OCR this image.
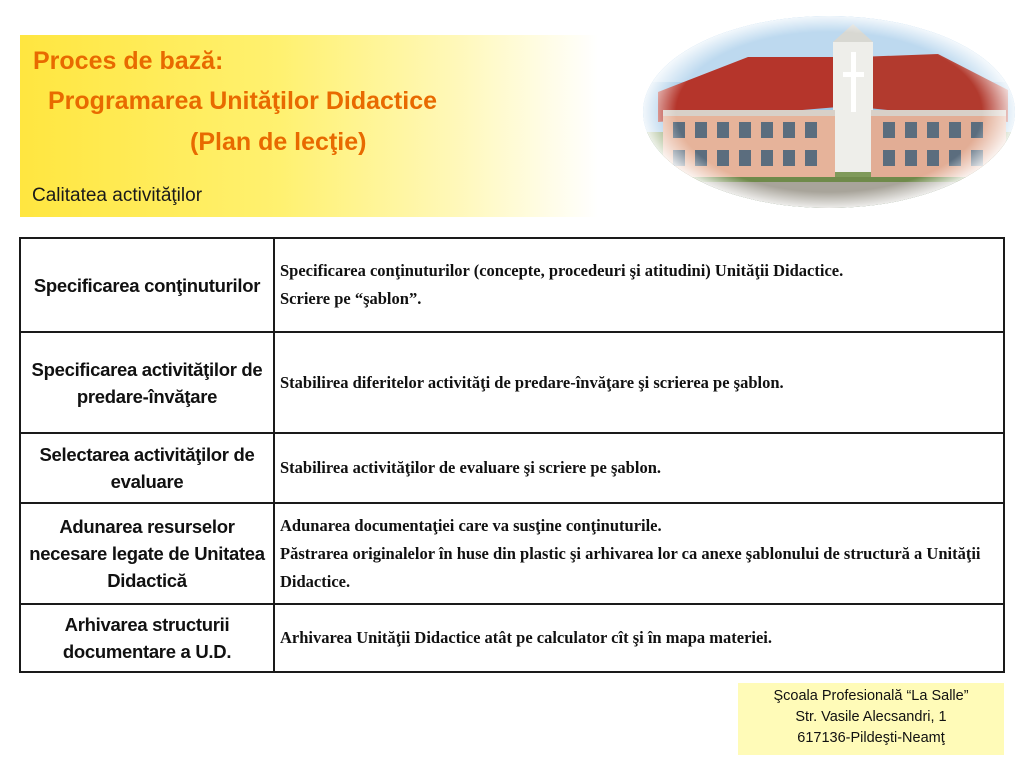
Proces de bază:
Programarea Unităţilor Didactice
(Plan de lecţie)
Calitatea activităţilor
Specificarea conţinuturilor	Specificarea conţinuturilor (concepte, procedeuri şi atitudini) Unităţii Didactice.

Scriere pe “şablon”.

Specificarea activităţilor de predare-învăţare	Stabilirea diferitelor activităţi de predare-învăţare şi scrierea pe şablon.

Selectarea activităţilor de evaluare	Stabilirea activităţilor de evaluare şi scriere pe şablon.

Adunarea resurselor necesare legate de Unitatea Didactică	Adunarea documentaţiei care va susţine conţinuturile.

Păstrarea originalelor în huse din plastic şi arhivarea lor ca anexe şablonului de structură a Unităţii Didactice.

Arhivarea structurii documentare a U.D.	Arhivarea Unităţii Didactice atât pe calculator cît şi în mapa materiei.

Şcoala Profesională “La Salle”
Str. Vasile Alecsandri, 1
617136-Pildeşti-Neamţ
